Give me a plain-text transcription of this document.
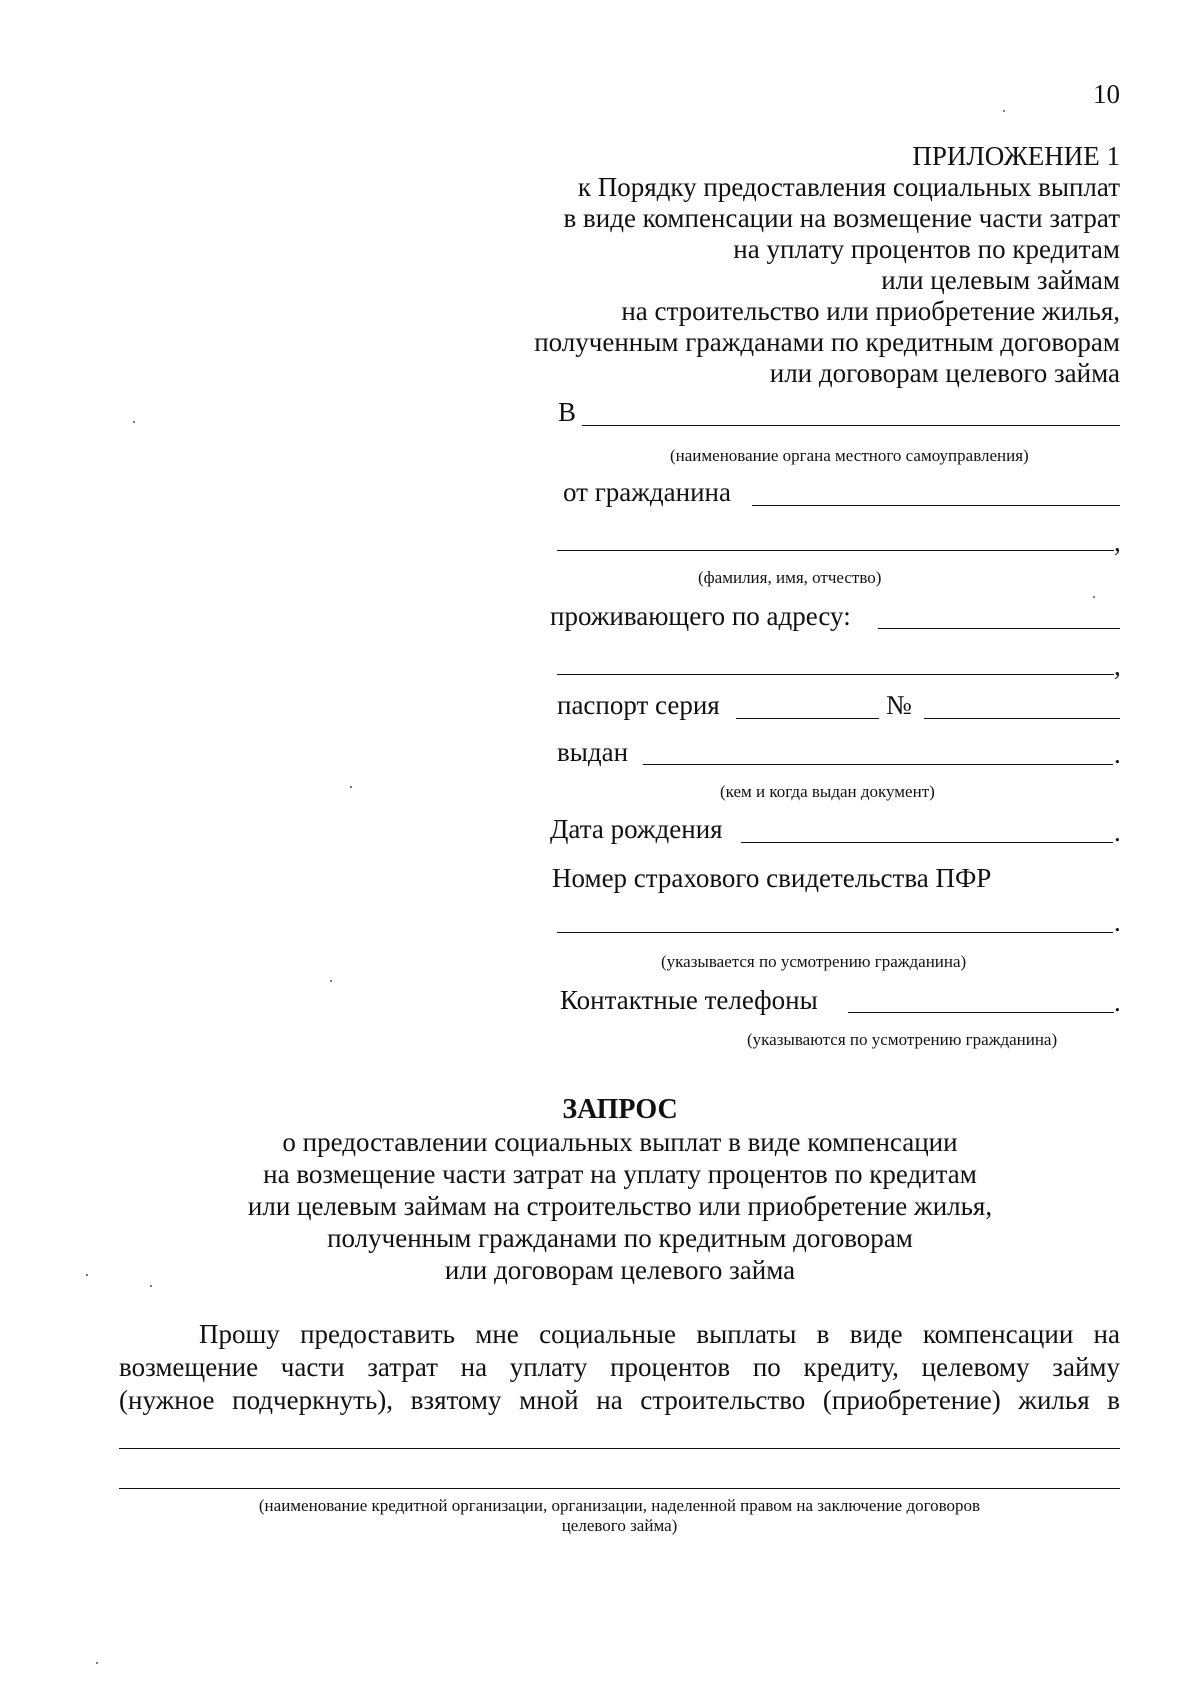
10
ПРИЛОЖЕНИЕ 1
к Порядку предоставления социальных выплат
в виде компенсации на возмещение части затрат
на уплату процентов по кредитам
или целевым займам
на строительство или приобретение жилья,
полученным гражданами по кредитным договорам
или договорам целевого займа
В
(наименование органа местного самоуправления)
от гражданина
,
(фамилия, имя, отчество)
проживающего по адресу:
,
паспорт серия	№
выдан	.
(кем и когда выдан документ)
Дата рождения	.
Номер страхового свидетельства ПФР
.
(указывается по усмотрению гражданина)
Контактные телефоны	.
(указываются по усмотрению гражданина)
ЗАПРОС
о предоставлении социальных выплат в виде компенсации
на возмещение части затрат на уплату процентов по кредитам
или целевым займам на строительство или приобретение жилья,
полученным гражданами по кредитным договорам
или договорам целевого займа
Прошу предоставить мне социальные выплаты в виде компенсации на
возмещение части затрат на уплату процентов по кредиту, целевому займу
(нужное подчеркнуть), взятому мной на строительство (приобретение) жилья в
(наименование кредитной организации, организации, наделенной правом на заключение договоров
целевого займа)
